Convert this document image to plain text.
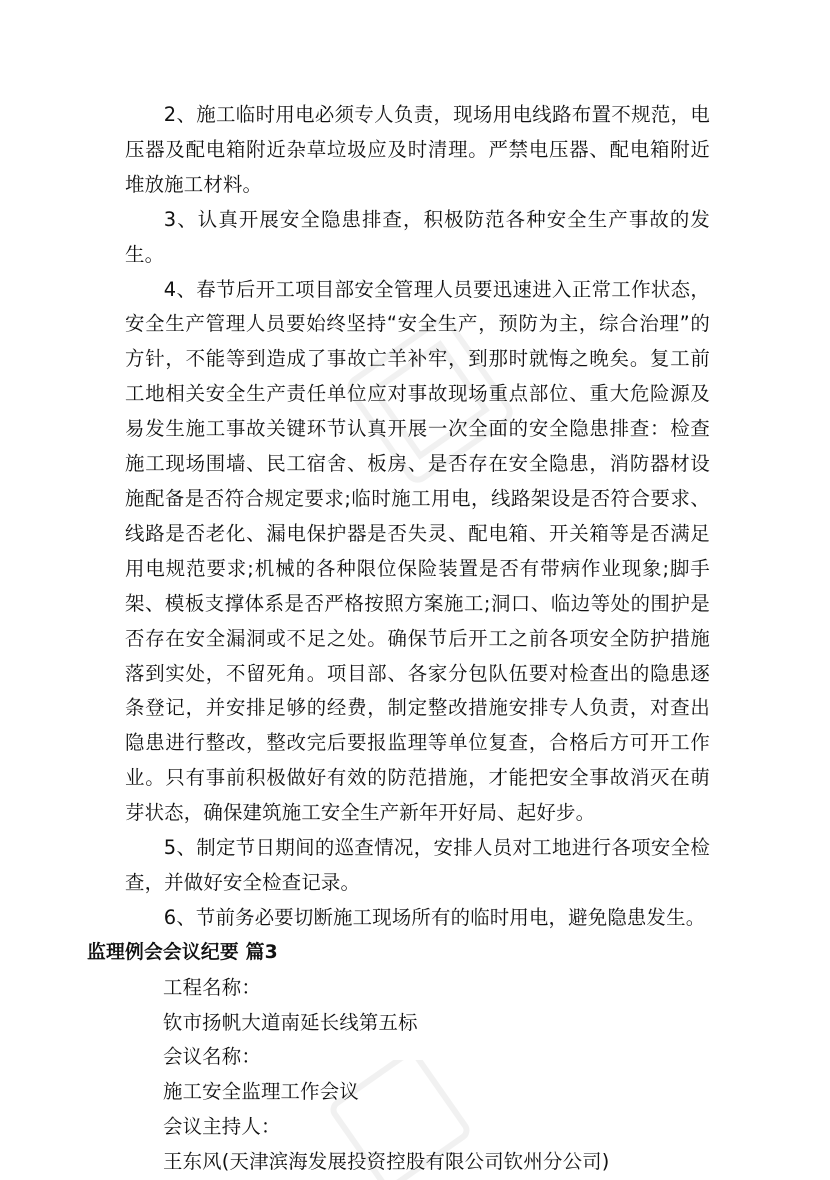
2、施工临时用电必须专人负责，现场用电线路布置不规范，电压器及配电箱附近杂草垃圾应及时清理。严禁电压器、配电箱附近堆放施工材料。

3、认真开展安全隐患排查，积极防范各种安全生产事故的发生。

4、春节后开工项目部安全管理人员要迅速进入正常工作状态，安全生产管理人员要始终坚持“安全生产，预防为主，综合治理”的方针，不能等到造成了事故亡羊补牢，到那时就悔之晚矣。复工前工地相关安全生产责任单位应对事故现场重点部位、重大危险源及易发生施工事故关键环节认真开展一次全面的安全隐患排查：检查施工现场围墙、民工宿舍、板房、是否存在安全隐患，消防器材设施配备是否符合规定要求;临时施工用电，线路架设是否符合要求、线路是否老化、漏电保护器是否失灵、配电箱、开关箱等是否满足用电规范要求;机械的各种限位保险装置是否有带病作业现象;脚手架、模板支撑体系是否严格按照方案施工;洞口、临边等处的围护是否存在安全漏洞或不足之处。确保节后开工之前各项安全防护措施落到实处，不留死角。项目部、各家分包队伍要对检查出的隐患逐条登记，并安排足够的经费，制定整改措施安排专人负责，对查出隐患进行整改，整改完后要报监理等单位复查，合格后方可开工作业。只有事前积极做好有效的防范措施，才能把安全事故消灭在萌芽状态，确保建筑施工安全生产新年开好局、起好步。

5、制定节日期间的巡查情况，安排人员对工地进行各项安全检查，并做好安全检查记录。

6、节前务必要切断施工现场所有的临时用电，避免隐患发生。

监理例会会议纪要 篇3

工程名称：

钦市扬帆大道南延长线第五标

会议名称：

施工安全监理工作会议

会议主持人：

王东风(天津滨海发展投资控股有限公司钦州分公司)
